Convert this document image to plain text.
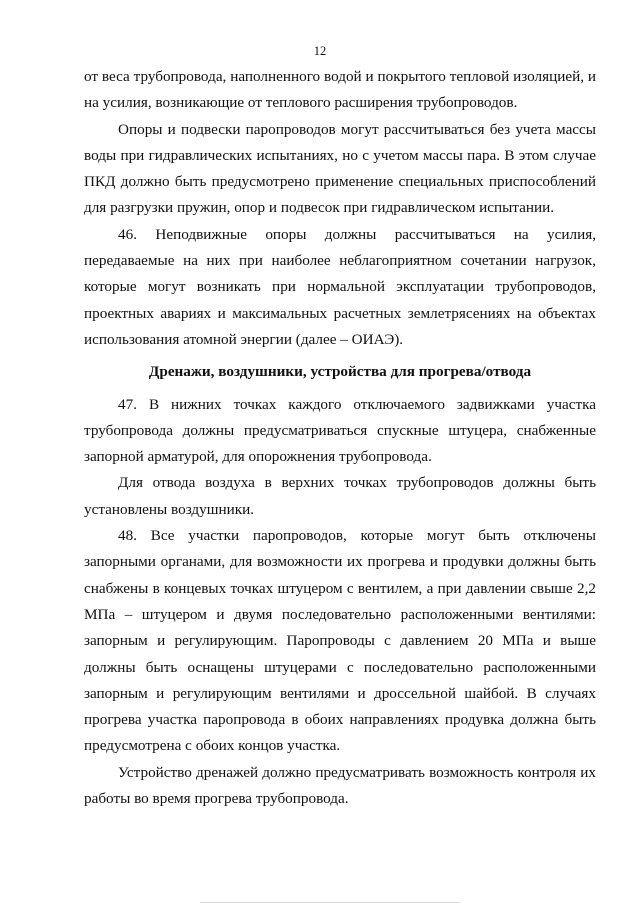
12

от веса трубопровода, наполненного водой и покрытого тепловой изоляцией, и на усилия, возникающие от теплового расширения трубопроводов.

Опоры и подвески паропроводов могут рассчитываться без учета массы воды при гидравлических испытаниях, но с учетом массы пара. В этом случае ПКД должно быть предусмотрено применение специальных приспособлений для разгрузки пружин, опор и подвесок при гидравлическом испытании.

46. Неподвижные опоры должны рассчитываться на усилия, передаваемые на них при наиболее неблагоприятном сочетании нагрузок, которые могут возникать при нормальной эксплуатации трубопроводов, проектных авариях и максимальных расчетных землетрясениях на объектах использования атомной энергии (далее – ОИАЭ).

Дренажи, воздушники, устройства для прогрева/отвода

47. В нижних точках каждого отключаемого задвижками участка трубопровода должны предусматриваться спускные штуцера, снабженные запорной арматурой, для опорожнения трубопровода.

Для отвода воздуха в верхних точках трубопроводов должны быть установлены воздушники.

48. Все участки паропроводов, которые могут быть отключены запорными органами, для возможности их прогрева и продувки должны быть снабжены в концевых точках штуцером с вентилем, а при давлении свыше 2,2 МПа – штуцером и двумя последовательно расположенными вентилями: запорным и регулирующим. Паропроводы с давлением 20 МПа и выше должны быть оснащены штуцерами с последовательно расположенными запорным и регулирующим вентилями и дроссельной шайбой. В случаях прогрева участка паропровода в обоих направлениях продувка должна быть предусмотрена с обоих концов участка.

Устройство дренажей должно предусматривать возможность контроля их работы во время прогрева трубопровода.
